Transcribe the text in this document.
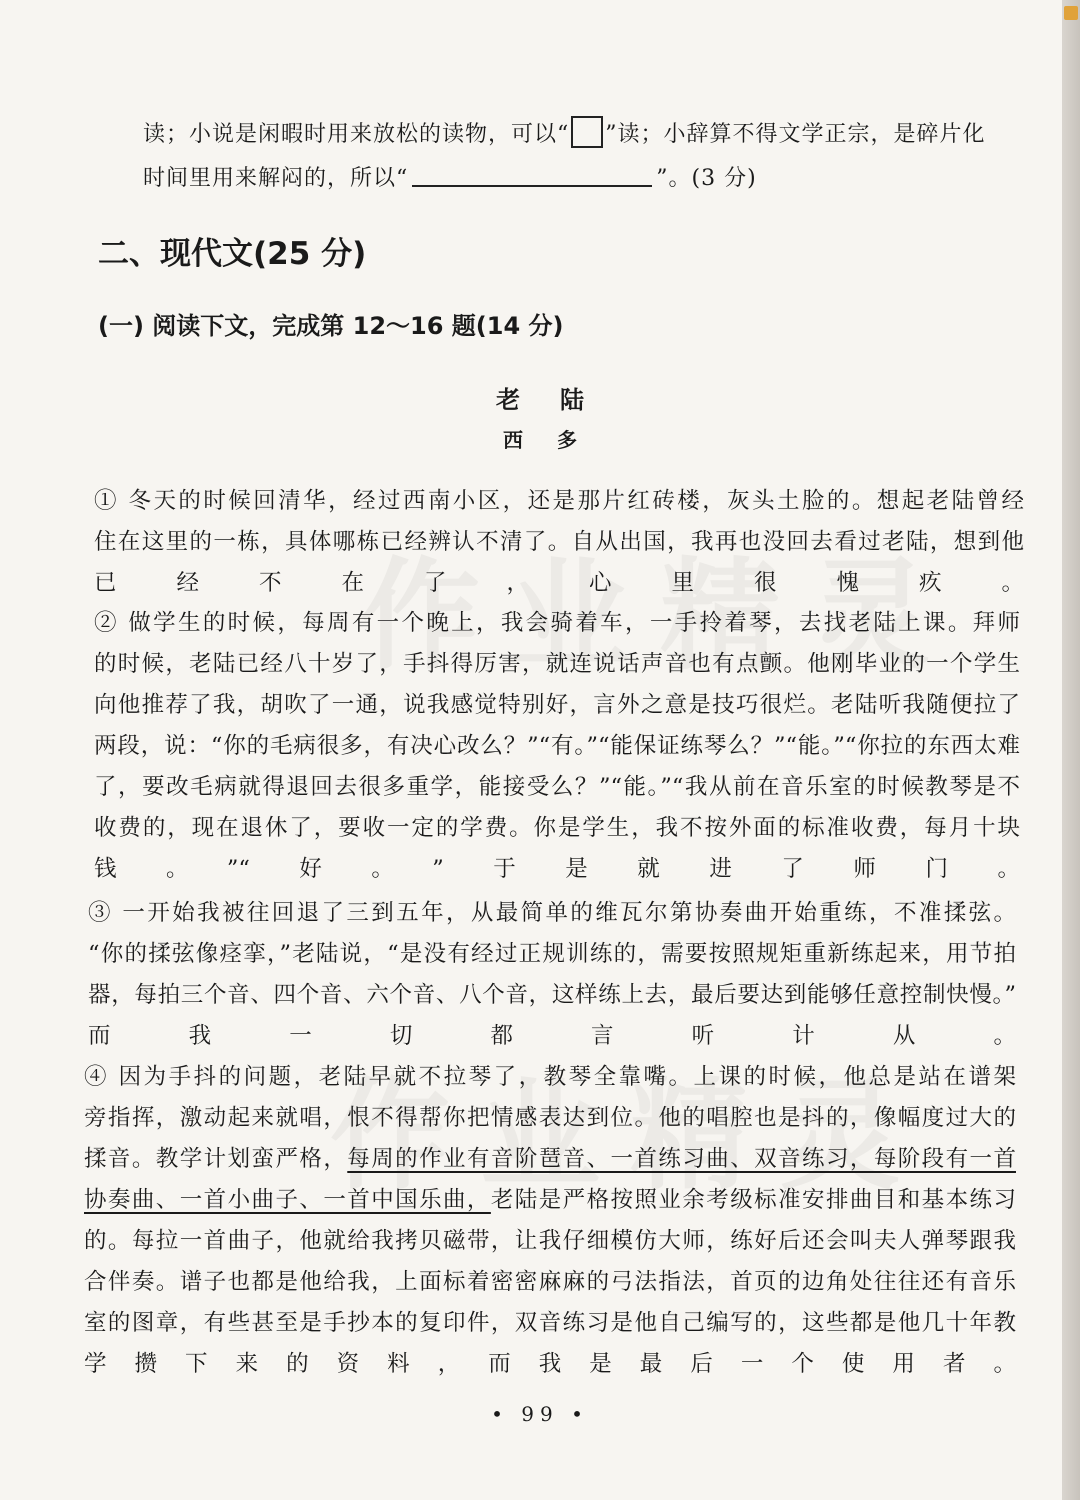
读；小说是闲暇时用来放松的读物，可以“ ”读；小辞算不得文学正宗，是碎片化

时间里用来解闷的，所以“	”。(3 分)

二、现代文(25 分)
(一) 阅读下文，完成第 12～16 题(14 分)
老陆
西多
① 冬天的时候回清华，经过西南小区，还是那片红砖楼，灰头土脸的。想起老陆曾经
住在这里的一栋，具体哪栋已经辨认不清了。自从出国，我再也没回去看过老陆，想到他
已经不在了，心里很愧疚。
② 做学生的时候，每周有一个晚上，我会骑着车，一手拎着琴，去找老陆上课。拜师
的时候，老陆已经八十岁了，手抖得厉害，就连说话声音也有点颤。他刚毕业的一个学生
向他推荐了我，胡吹了一通，说我感觉特别好，言外之意是技巧很烂。老陆听我随便拉了
两段，说：“你的毛病很多，有决心改么？”“有。”“能保证练琴么？”“能。”“你拉的东西太难
了，要改毛病就得退回去很多重学，能接受么？”“能。”“我从前在音乐室的时候教琴是不
收费的，现在退休了，要收一定的学费。你是学生，我不按外面的标准收费，每月十块
钱。”“好。”于是就进了师门。
③ 一开始我被往回退了三到五年，从最简单的维瓦尔第协奏曲开始重练，不准揉弦。
“你的揉弦像痉挛，”老陆说，“是没有经过正规训练的，需要按照规矩重新练起来，用节拍
器，每拍三个音、四个音、六个音、八个音，这样练上去，最后要达到能够任意控制快慢。”
而我一切都言听计从。
④ 因为手抖的问题，老陆早就不拉琴了，教琴全靠嘴。上课的时候，他总是站在谱架
旁指挥，激动起来就唱，恨不得帮你把情感表达到位。他的唱腔也是抖的，像幅度过大的
揉音。教学计划蛮严格，每周的作业有音阶琶音、一首练习曲、双音练习，每阶段有一首
协奏曲、一首小曲子、一首中国乐曲，老陆是严格按照业余考级标准安排曲目和基本练习
的。每拉一首曲子，他就给我拷贝磁带，让我仔细模仿大师，练好后还会叫夫人弹琴跟我
合伴奏。谱子也都是他给我，上面标着密密麻麻的弓法指法，首页的边角处往往还有音乐
室的图章，有些甚至是手抄本的复印件，双音练习是他自己编写的，这些都是他几十年教
学攒下来的资料，而我是最后一个使用者。

• 99 •
